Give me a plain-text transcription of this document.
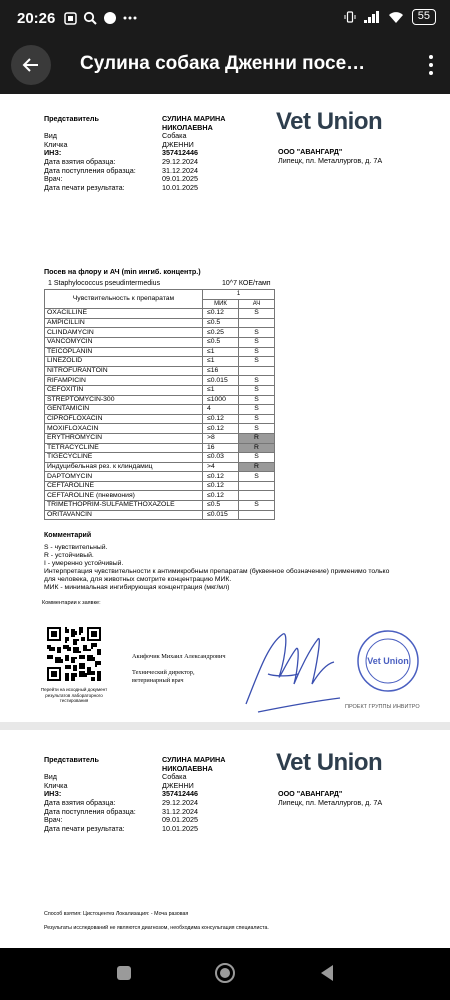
20:26	55
Сулина собака Дженни посе…
Представитель	СУЛИНА МАРИНА
НИКОЛАЕВНА
Вид	Собака
Кличка	ДЖЕННИ
ИНЗ:	357412446
Дата взятия образца:	29.12.2024
Дата поступления образца:	31.12.2024
Врач:	09.01.2025
Дата печати результата:	10.01.2025
Vet Union
ООО "АВАНГАРД"
Липецк, пл. Металлургов, д. 7А
Посев на флору и АЧ (min ингиб. концентр.)
1 Staphylococcus pseudintermedius	10^7 КОЕ/тамп
Чувствительность к препаратам	1	
	МИК	АЧ
OXACILLINE	≤0.12	S
AMPICILLIN	≤0.5	
CLINDAMYCIN	≤0.25	S
VANCOMYCIN	≤0.5	S
TEICOPLANIN	≤1	S
LINEZOLID	≤1	S
NITROFURANTOIN	≤16	
RIFAMPICIN	≤0.015	S
CEFOXITIN	≤1	S
STREPTOMYCIN-300	≤1000	S
GENTAMICIN	4	S
CIPROFLOXACIN	≤0.12	S
MOXIFLOXACIN	≤0.12	S
ERYTHROMYCIN	>8	R
TETRACYCLINE	16	R
TIGECYCLINE	≤0.03	S
Индуцибельная рез. к клиндамиц	>4	R
DAPTOMYCIN	≤0.12	S
CEFTAROLINE	≤0.12	
CEFTAROLINE (пневмония)	≤0.12	
TRIMETHOPRIM-SULFAMETHOXAZOLE	≤0.5	S
ORITAVANCIN	≤0.015	
Комментарий
S - чувствительный.
R - устойчивый.
I - умеренно устойчивый.
Интерпретация чувствительности к антимикробным препаратам (буквенное обозначение) применимо только
для человека, для животных смотрите концентрацию МИК.
МИК - минимальная ингибирующая концентрация (мкг/мл)
Комментарии к заявке:
Перейти на исходный документ результатов лабораторного тестирования
Акифочик Михаил Александрович
Технический директор,
ветеринарный врач
Vet Union
ПРОЕКТ ГРУППЫ ИНВИТРО
Представитель	СУЛИНА МАРИНА
НИКОЛАЕВНА
Вид	Собака
Кличка	ДЖЕННИ
ИНЗ:	357412446
Дата взятия образца:	29.12.2024
Дата поступления образца:	31.12.2024
Врач:	09.01.2025
Дата печати результата:	10.01.2025
Vet Union
ООО "АВАНГАРД"
Липецк, пл. Металлургов, д. 7А
Способ взятия: Цистоцентез Локализация: - Моча разовая
Результаты исследований не являются диагнозом, необходима консультация специалиста.
